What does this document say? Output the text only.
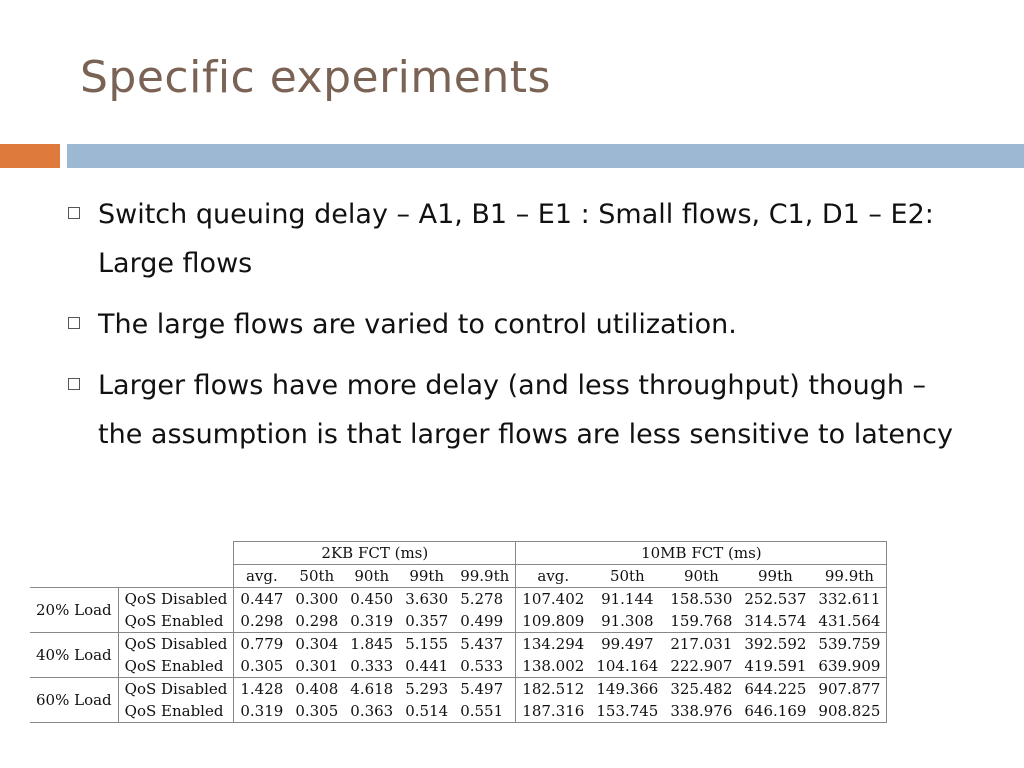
Specific experiments
Switch queuing delay – A1, B1 – E1 : Small flows, C1, D1 – E2: Large flows
The large flows are varied to control utilization.
Larger flows have more delay (and less throughput) though – the assumption is that larger flows are less sensitive to latency
		2KB FCT (ms)					10MB FCT (ms)				
		avg.	50th	90th	99th	99.9th	avg.	50th	90th	99th	99.9th
20% Load	QoS Disabled	0.447	0.300	0.450	3.630	5.278	107.402	91.144	158.530	252.537	332.611
	QoS Enabled	0.298	0.298	0.319	0.357	0.499	109.809	91.308	159.768	314.574	431.564
40% Load	QoS Disabled	0.779	0.304	1.845	5.155	5.437	134.294	99.497	217.031	392.592	539.759
	QoS Enabled	0.305	0.301	0.333	0.441	0.533	138.002	104.164	222.907	419.591	639.909
60% Load	QoS Disabled	1.428	0.408	4.618	5.293	5.497	182.512	149.366	325.482	644.225	907.877
	QoS Enabled	0.319	0.305	0.363	0.514	0.551	187.316	153.745	338.976	646.169	908.825
